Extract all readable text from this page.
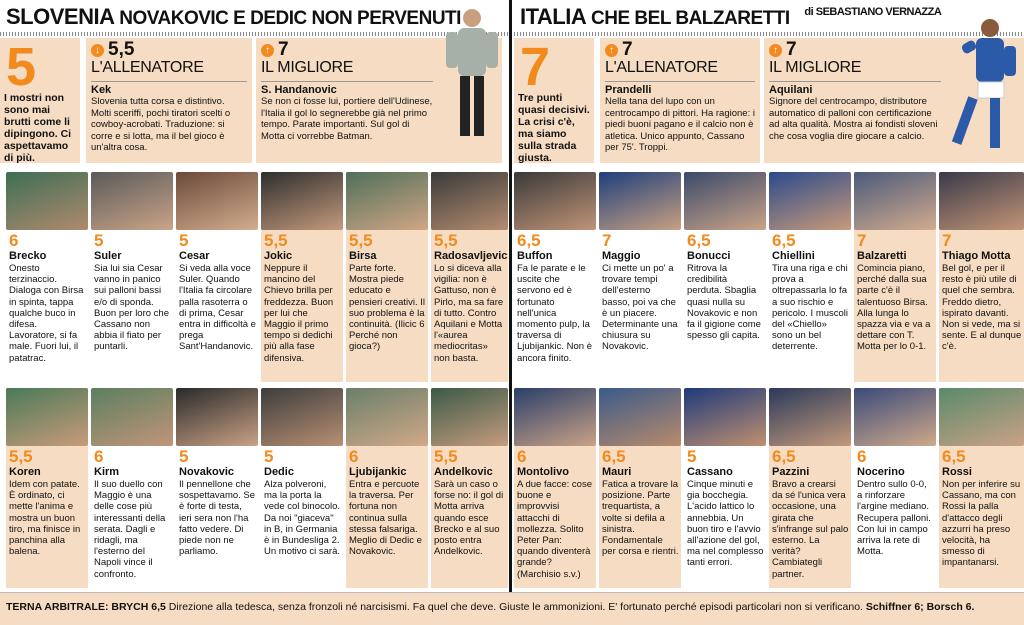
SLOVENIA NOVAKOVIC E DEDIC NON PERVENUTI
5
I mostri non sono mai brutti come li dipingono. Ci aspettavamo di più.
↓ 5,5
L'ALLENATORE
Kek
Slovenia tutta corsa e distintivo. Molti sceriffi, pochi tiratori scelti o cowboy-acrobati. Traduzione: si corre e si lotta, ma il bel gioco è un'altra cosa.
↑ 7
IL MIGLIORE
S. Handanovic
Se non ci fosse lui, portiere dell'Udinese, l'Italia il gol lo segnerebbe già nel primo tempo. Parate importanti. Sul gol di Motta ci vorrebbe Batman.
6
Brecko
Onesto terzinaccio. Dialoga con Birsa in spinta, tappa qualche buco in difesa. Lavoratore, si fa male. Fuori lui, il patatrac.
5
Suler
Sia lui sia Cesar vanno in panico sui palloni bassi e/o di sponda. Buon per loro che Cassano non abbia il fiato per puntarli.
5
Cesar
Si veda alla voce Suler. Quando l'Italia fa circolare palla rasoterra o di prima, Cesar entra in difficoltà e prega Sant'Handanovic.
5,5
Jokic
Neppure il mancino del Chievo brilla per freddezza. Buon per lui che Maggio il primo tempo si dedichi più alla fase difensiva.
5,5
Birsa
Parte forte. Mostra piede educato e pensieri creativi. Il suo problema è la continuità. (Ilicic 6 Perché non gioca?)
5,5
Radosavljevic
Lo si diceva alla vigilia: non è Gattuso, non è Pirlo, ma sa fare di tutto. Contro Aquilani e Motta l'«aurea mediocritas» non basta.
5,5
Koren
Idem con patate. È ordinato, ci mette l'anima e mostra un buon tiro, ma finisce in panchina alla balena.
6
Kirm
Il suo duello con Maggio è una delle cose più interessanti della serata. Dagli e ridagli, ma l'esterno del Napoli vince il confronto.
5
Novakovic
Il pennellone che sospettavamo. Se è forte di testa, ieri sera non l'ha fatto vedere. Di piede non ne parliamo.
5
Dedic
Alza polveroni, ma la porta la vede col binocolo. Da noi "giaceva" in B, in Germania è in Bundesliga 2. Un motivo ci sarà.
6
Ljubijankic
Entra e percuote la traversa. Per fortuna non continua sulla stessa falsariga. Meglio di Dedic e Novakovic.
5,5
Andelkovic
Sarà un caso o forse no: il gol di Motta arriva quando esce Brecko e al suo posto entra Andelkovic.
ITALIA CHE BEL BALZARETTI $^{di SEBASTIANO VERNAZZA}$
7
Tre punti quasi decisivi. La crisi c'è, ma siamo sulla strada giusta.
↑ 7
L'ALLENATORE
Prandelli
Nella tana del lupo con un centrocampo di pittori. Ha ragione: i piedi buoni pagano e il calcio non è atletica. Unico appunto, Cassano per 75'. Troppi.
↑ 7
IL MIGLIORE
Aquilani
Signore del centrocampo, distributore automatico di palloni con certificazione ad alta qualità. Mostra ai fondisti sloveni che cosa voglia dire giocare a calcio.
6,5
Buffon
Fa le parate e le uscite che servono ed è fortunato nell'unica momento pulp, la traversa di Ljubijankic. Non è ancora finito.
7
Maggio
Ci mette un po' a trovare tempi dell'esterno basso, poi va che è un piacere. Determinante una chiusura su Novakovic.
6,5
Bonucci
Ritrova la credibilità perduta. Sbaglia quasi nulla su Novakovic e non fa il gigione come spesso gli capita.
6,5
Chiellini
Tira una riga e chi prova a oltrepassarla lo fa a suo rischio e pericolo. I muscoli del «Chiello» sono un bel deterrente.
7
Balzaretti
Comincia piano, perché dalla sua parte c'è il talentuoso Birsa. Alla lunga lo spazza via e va a dettare con T. Motta per lo 0-1.
7
Thiago Motta
Bel gol, e per il resto è più utile di quel che sembra. Freddo dietro, ispirato davanti. Non si vede, ma si sente. E al dunque c'è.
6
Montolivo
A due facce: cose buone e improvvisi attacchi di mollezza. Solito Peter Pan: quando diventerà grande? (Marchisio s.v.)
6,5
Mauri
Fatica a trovare la posizione. Parte trequartista, a volte si defila a sinistra. Fondamentale per corsa e rientri.
5
Cassano
Cinque minuti e gia bocchegia. L'acido lattico lo annebbia. Un buon tiro e l'avvio all'azione del gol, ma nel complesso tanti errori.
6,5
Pazzini
Bravo a crearsi da sé l'unica vera occasione, una girata che s'infrange sul palo esterno. La verità? Cambiategli partner.
6
Nocerino
Dentro sullo 0-0, a rinforzare l'argine mediano. Recupera palloni. Con lui in campo arriva la rete di Motta.
6,5
Rossi
Non per inferire su Cassano, ma con Rossi la palla d'attacco degli azzurri ha preso velocità, ha smesso di impantanarsi.
TERNA ARBITRALE: BRYCH 6,5 Direzione alla tedesca, senza fronzoli né narcisismi. Fa quel che deve. Giuste le ammonizioni. E' fortunato perché episodi particolari non si verificano. Schiffner 6; Borsch 6.
